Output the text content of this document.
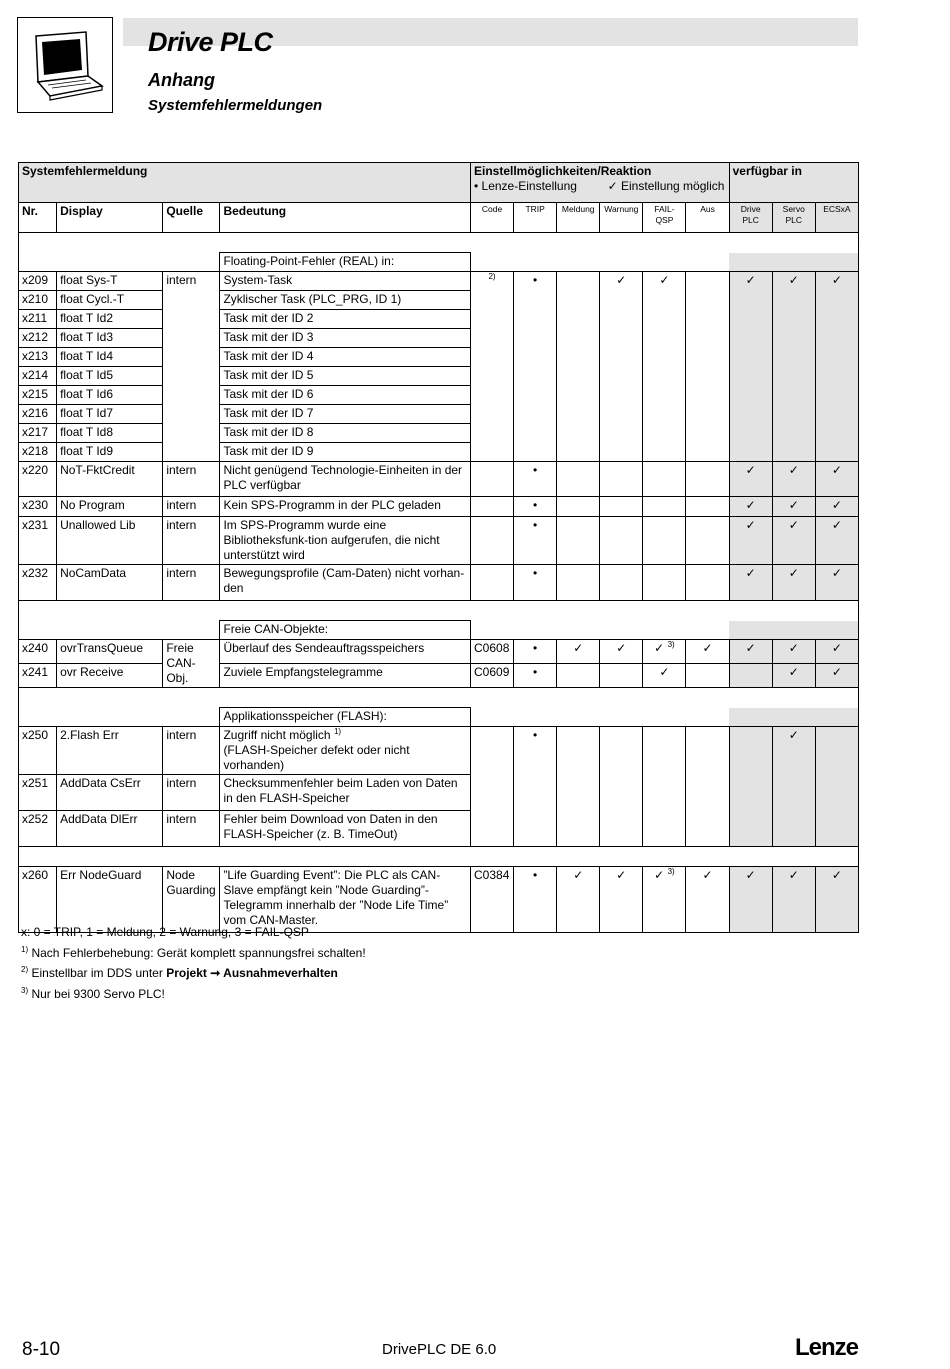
Drive PLC
Anhang
Systemfehlermeldungen
Systemfehlermeldung				Einstellmöglichkeiten/Reaktion
• Lenze-Einstellung ✓ Einstellung möglich						verfügbar in		
Nr.	Display	Quelle	Bedeutung	Code	TRIP	Meldung	Warnung	FAIL-QSP	Aus	Drive PLC	Servo PLC	ECSxA

			Floating-Point-Fehler (REAL) in:									
x209	float Sys-T	intern	System-Task	$^{2)}$	•		✓	✓		✓	✓	✓
x210	float Cycl.-T		Zyklischer Task (PLC_PRG, ID 1)									
x211	float T Id2		Task mit der ID 2									
x212	float T Id3		Task mit der ID 3									
x213	float T Id4		Task mit der ID 4									
x214	float T Id5		Task mit der ID 5									
x215	float T Id6		Task mit der ID 6									
x216	float T Id7		Task mit der ID 7									
x217	float T Id8		Task mit der ID 8									
x218	float T Id9		Task mit der ID 9									
x220	NoT-FktCredit	intern	Nicht genügend Technologie-Einheiten in der PLC verfügbar		•					✓	✓	✓
x230	No Program	intern	Kein SPS-Programm in der PLC geladen		•					✓	✓	✓
x231	Unallowed Lib	intern	Im SPS-Programm wurde eine Bibliotheksfunk-tion aufgerufen, die nicht unterstützt wird		•					✓	✓	✓
x232	NoCamData	intern	Bewegungsprofile (Cam-Daten) nicht vorhan-den		•					✓	✓	✓

			Freie CAN-Objekte:									
x240	ovrTransQueue	Freie CAN-Obj.	Überlauf des Sendeauftragsspeichers	C0608	•	✓	✓	✓ $^{3)}$	✓	✓	✓	✓
x241	ovr Receive		Zuviele Empfangstelegramme	C0609	•			✓			✓	✓

			Applikationsspeicher (FLASH):									
x250	2.Flash Err	intern	Zugriff nicht möglich $^{1)}$
(FLASH-Speicher defekt oder nicht vorhanden)		•						✓	
x251	AddData CsErr	intern	Checksummenfehler beim Laden von Daten in den FLASH-Speicher									
x252	AddData DlErr	intern	Fehler beim Download von Daten in den FLASH-Speicher (z. B. TimeOut)									

x260	Err NodeGuard	Node Guarding	”Life Guarding Event”: Die PLC als CAN-Slave empfängt kein ”Node Guarding”-Telegramm innerhalb der ”Node Life Time” vom CAN-Master.	C0384	•	✓	✓	✓ $^{3)}$	✓	✓	✓	✓
x: 0 = TRIP, 1 = Meldung, 2 = Warnung, 3 = FAIL-QSP
$^{1)}$ Nach Fehlerbehebung: Gerät komplett spannungsfrei schalten!
$^{2)}$ Einstellbar im DDS unter Projekt ➞ Ausnahmeverhalten
$^{3)}$ Nur bei 9300 Servo PLC!
8-10	DrivePLC DE 6.0	Lenze
